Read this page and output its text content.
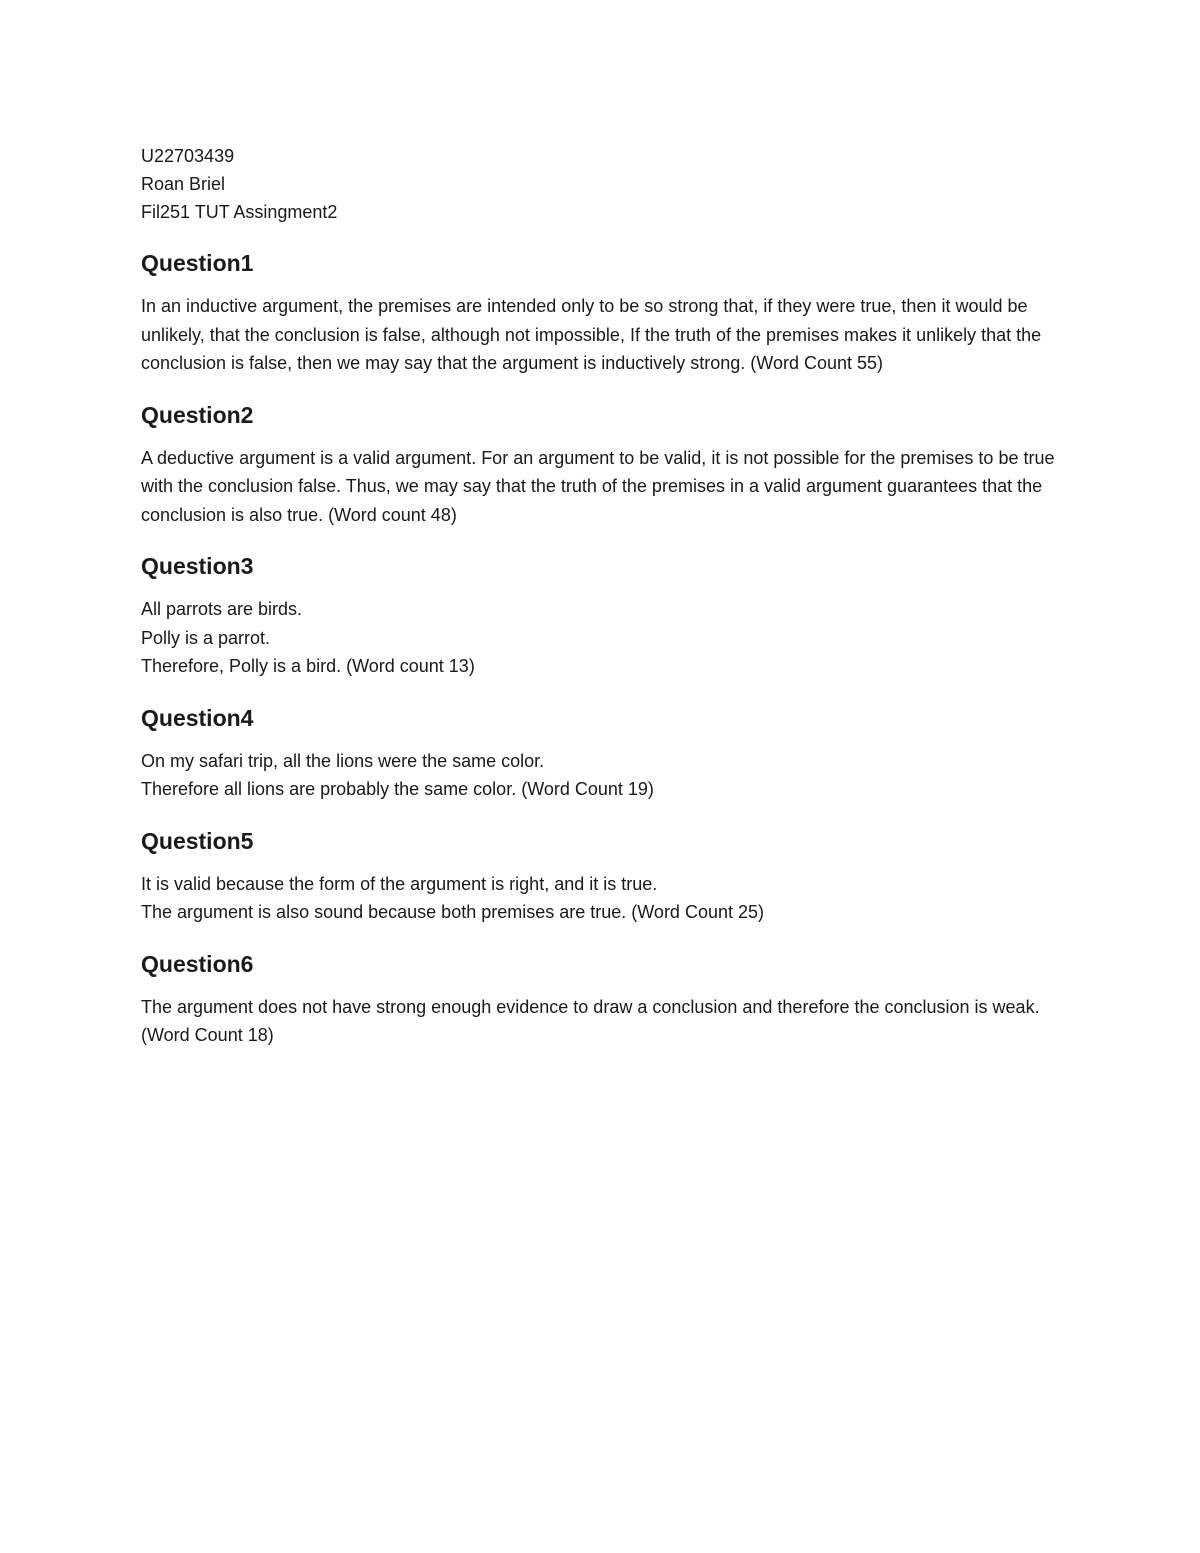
U22703439

Roan Briel

Fil251 TUT Assingment2

Question1

In an inductive argument, the premises are intended only to be so strong that, if they were true, then it would be unlikely, that the conclusion is false, although not impossible, If the truth of the premises makes it unlikely that the conclusion is false, then we may say that the argument is inductively strong. (Word Count 55)

Question2

A deductive argument is a valid argument. For an argument to be valid, it is not possible for the premises to be true with the conclusion false. Thus, we may say that the truth of the premises in a valid argument guarantees that the conclusion is also true. (Word count 48)

Question3

All parrots are birds.

Polly is a parrot.

Therefore, Polly is a bird. (Word count 13)

Question4

On my safari trip, all the lions were the same color.

Therefore all lions are probably the same color. (Word Count 19)

Question5

It is valid because the form of the argument is right, and it is true.

The argument is also sound because both premises are true. (Word Count 25)

Question6

The argument does not have strong enough evidence to draw a conclusion and therefore the conclusion is weak. (Word Count 18)
